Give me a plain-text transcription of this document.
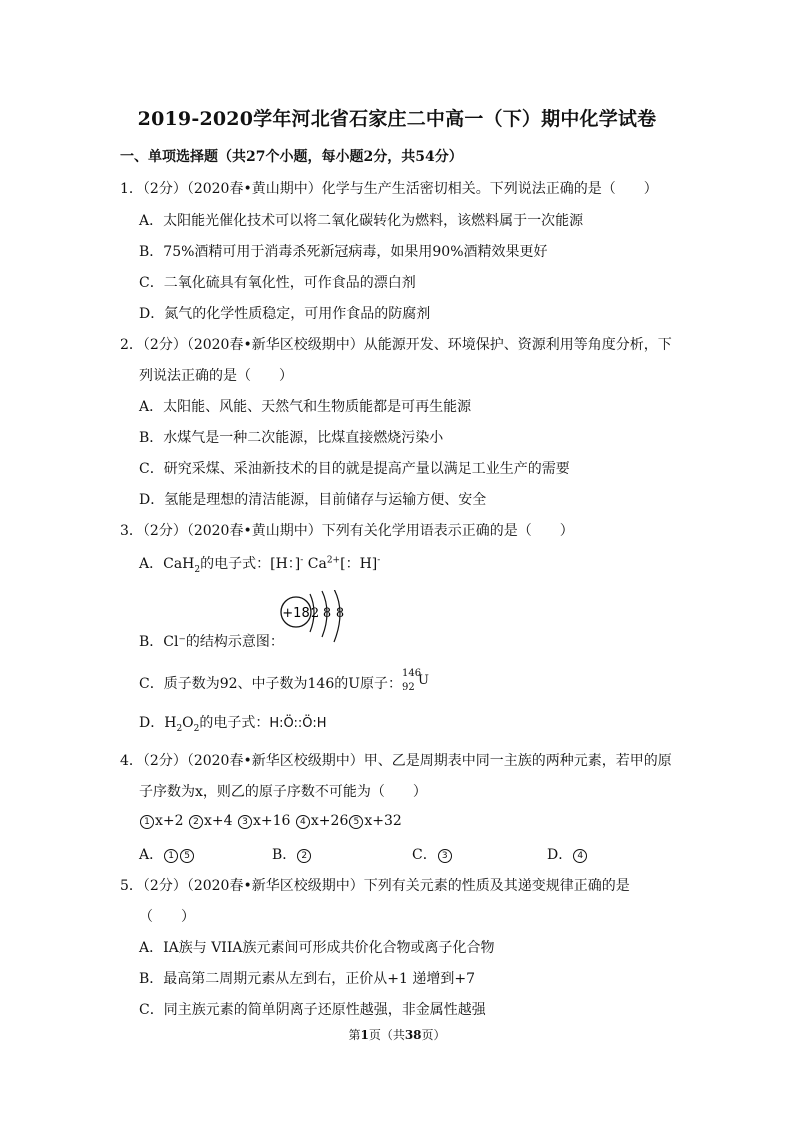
2019-2020学年河北省石家庄二中高一（下）期中化学试卷
一、单项选择题（共27个小题，每小题2分，共54分）
1．（2分）（2020春•黄山期中）化学与生产生活密切相关。下列说法正确的是（　　）
A．太阳能光催化技术可以将二氧化碳转化为燃料，该燃料属于一次能源
B．75%酒精可用于消毒杀死新冠病毒，如果用90%酒精效果更好
C．二氧化硫具有氧化性，可作食品的漂白剂
D．氮气的化学性质稳定，可用作食品的防腐剂
2．（2分）（2020春•新华区校级期中）从能源开发、环境保护、资源利用等角度分析，下
列说法正确的是（　　）
A．太阳能、风能、天然气和生物质能都是可再生能源
B．水煤气是一种二次能源，比煤直接燃烧污染小
C．研究采煤、采油新技术的目的就是提高产量以满足工业生产的需要
D．氢能是理想的清洁能源，目前储存与运输方便、安全
3．（2分）（2020春•黄山期中）下列有关化学用语表示正确的是（　　）
A．CaH$_2$的电子式：[H：]- $Ca^{2+}$[：H]-
+18 2 8 8
B．Cl⁻的结构示意图：
C．质子数为92、中子数为146的U原子：
146
92 U
D．$H_2O_2$的电子式：H:Ö::Ö:H
4．（2分）（2020春•新华区校级期中）甲、乙是周期表中同一主族的两种元素，若甲的原
子序数为x，则乙的原子序数不可能为（　　）
1 x+2 2 x+4 3 x+16 4 x+26 5 x+32
A． 1 5	B． 2	C． 3	D． 4
5．（2分）（2020春•新华区校级期中）下列有关元素的性质及其递变规律正确的是
（　　）
A．IA族与 VIIA族元素间可形成共价化合物或离子化合物
B．最高第二周期元素从左到右，正价从+1 递增到+7
C．同主族元素的简单阴离子还原性越强，非金属性越强
第1页（共38页）
